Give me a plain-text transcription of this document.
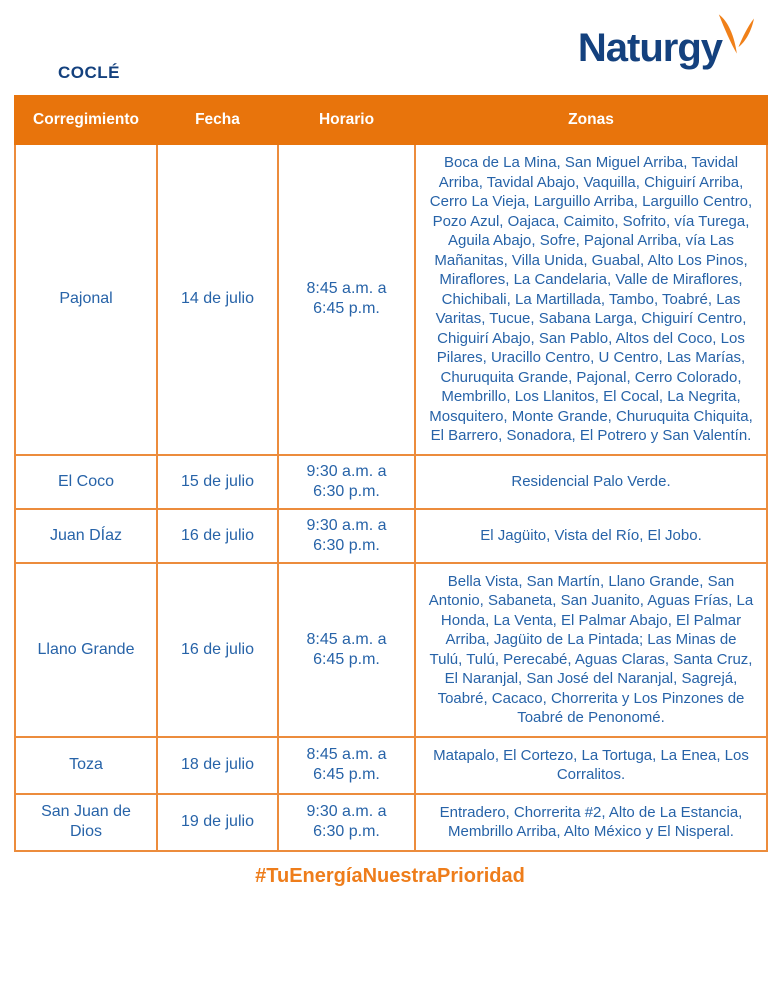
COCLÉ
Naturgy
Corregimiento	Fecha	Horario	Zonas
Pajonal	14 de julio	8:45 a.m. a 6:45 p.m.	Boca de La Mina, San Miguel Arriba, Tavidal Arriba, Tavidal Abajo, Vaquilla, Chiguirí Arriba, Cerro La Vieja, Larguillo Arriba, Larguillo Centro, Pozo Azul, Oajaca, Caimito, Sofrito, vía Turega, Aguila Abajo, Sofre, Pajonal Arriba, vía Las Mañanitas, Villa Unida, Guabal, Alto Los Pinos, Miraflores, La Candelaria, Valle de Miraflores, Chichibali, La Martillada, Tambo, Toabré, Las Varitas, Tucue, Sabana Larga, Chiguirí Centro, Chiguirí Abajo, San Pablo, Altos del Coco, Los Pilares, Uracillo Centro, U Centro, Las Marías, Churuquita Grande, Pajonal, Cerro Colorado, Membrillo, Los Llanitos, El Cocal, La Negrita, Mosquitero, Monte Grande, Churuquita Chiquita, El Barrero, Sonadora, El Potrero y San Valentín.
El Coco	15 de julio	9:30 a.m. a 6:30 p.m.	Residencial Palo Verde.
Juan DÍaz	16 de julio	9:30 a.m. a 6:30 p.m.	El Jagüito, Vista del Río, El Jobo.
Llano Grande	16 de julio	8:45 a.m. a 6:45 p.m.	Bella Vista, San Martín, Llano Grande, San Antonio, Sabaneta, San Juanito, Aguas Frías, La Honda, La Venta, El Palmar Abajo, El Palmar Arriba, Jagüito de La Pintada; Las Minas de Tulú, Tulú, Perecabé, Aguas Claras, Santa Cruz, El Naranjal, San José del Naranjal, Sagrejá, Toabré, Cacaco, Chorrerita y Los Pinzones de Toabré de Penonomé.
Toza	18 de julio	8:45 a.m. a 6:45 p.m.	Matapalo, El Cortezo, La Tortuga, La Enea, Los Corralitos.
San Juan de Dios	19 de julio	9:30 a.m. a 6:30 p.m.	Entradero, Chorrerita #2, Alto de La Estancia, Membrillo Arriba, Alto México y El Nisperal.
#TuEnergíaNuestraPrioridad
